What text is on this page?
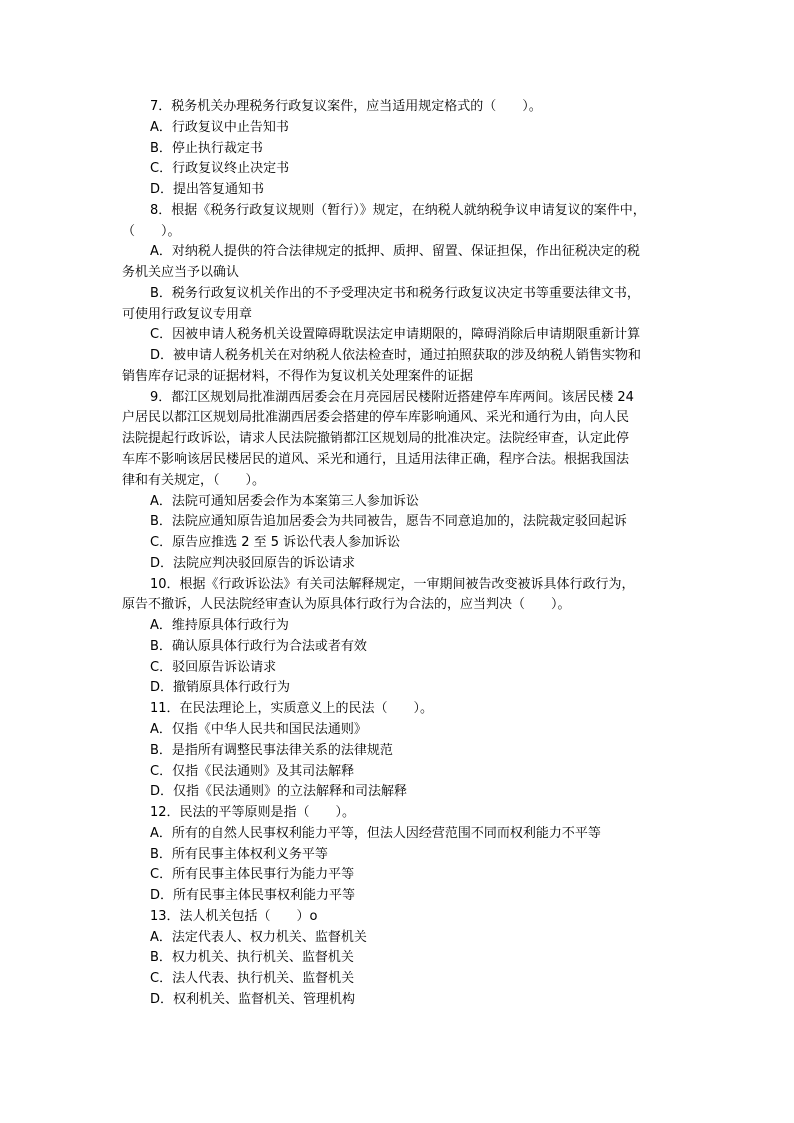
7．税务机关办理税务行政复议案件，应当适用规定格式的（　　）。
A．行政复议中止告知书
B．停止执行裁定书
C．行政复议终止决定书
D．提出答复通知书
8．根据《税务行政复议规则（暂行）》规定，在纳税人就纳税争议申请复议的案件中，
（　　）。
A．对纳税人提供的符合法律规定的抵押、质押、留置、保证担保，作出征税决定的税
务机关应当予以确认
B．税务行政复议机关作出的不予受理决定书和税务行政复议决定书等重要法律文书，
可使用行政复议专用章
C．因被申请人税务机关设置障碍耽误法定申请期限的，障碍消除后申请期限重新计算
D．被申请人税务机关在对纳税人依法检查时，通过拍照获取的涉及纳税人销售实物和
销售库存记录的证据材料，不得作为复议机关处理案件的证据
9．都江区规划局批准湖西居委会在月亮园居民楼附近搭建停车库两间。该居民楼 24
户居民以都江区规划局批准湖西居委会搭建的停车库影响通风、采光和通行为由，向人民
法院提起行政诉讼，请求人民法院撤销都江区规划局的批准决定。法院经审查，认定此停
车库不影响该居民楼居民的道风、采光和通行，且适用法律正确，程序合法。根据我国法
律和有关规定，（　　）。
A．法院可通知居委会作为本案第三人参加诉讼
B．法院应通知原告追加居委会为共同被告，愿告不同意追加的，法院裁定驳回起诉
C．原告应推选 2 至 5 诉讼代表人参加诉讼
D．法院应判决驳回原告的诉讼请求
10．根据《行政诉讼法》有关司法解释规定，一审期间被告改变被诉具体行政行为，
原告不撤诉，人民法院经审查认为原具体行政行为合法的，应当判决（　　）。
A．维持原具体行政行为
B．确认原具体行政行为合法或者有效
C．驳回原告诉讼请求
D．撤销原具体行政行为
11．在民法理论上，实质意义上的民法（　　）。
A．仅指《中华人民共和国民法通则》
B．是指所有调整民事法律关系的法律规范
C．仅指《民法通则》及其司法解释
D．仅指《民法通则》的立法解释和司法解释
12．民法的平等原则是指（　　）。
A．所有的自然人民事权利能力平等，但法人因经营范围不同而权利能力不平等
B．所有民事主体权利义务平等
C．所有民事主体民事行为能力平等
D．所有民事主体民事权利能力平等
13．法人机关包括（　　）o
A．法定代表人、权力机关、监督机关
B．权力机关、执行机关、监督机关
C．法人代表、执行机关、监督机关
D．权利机关、监督机关、管理机构
